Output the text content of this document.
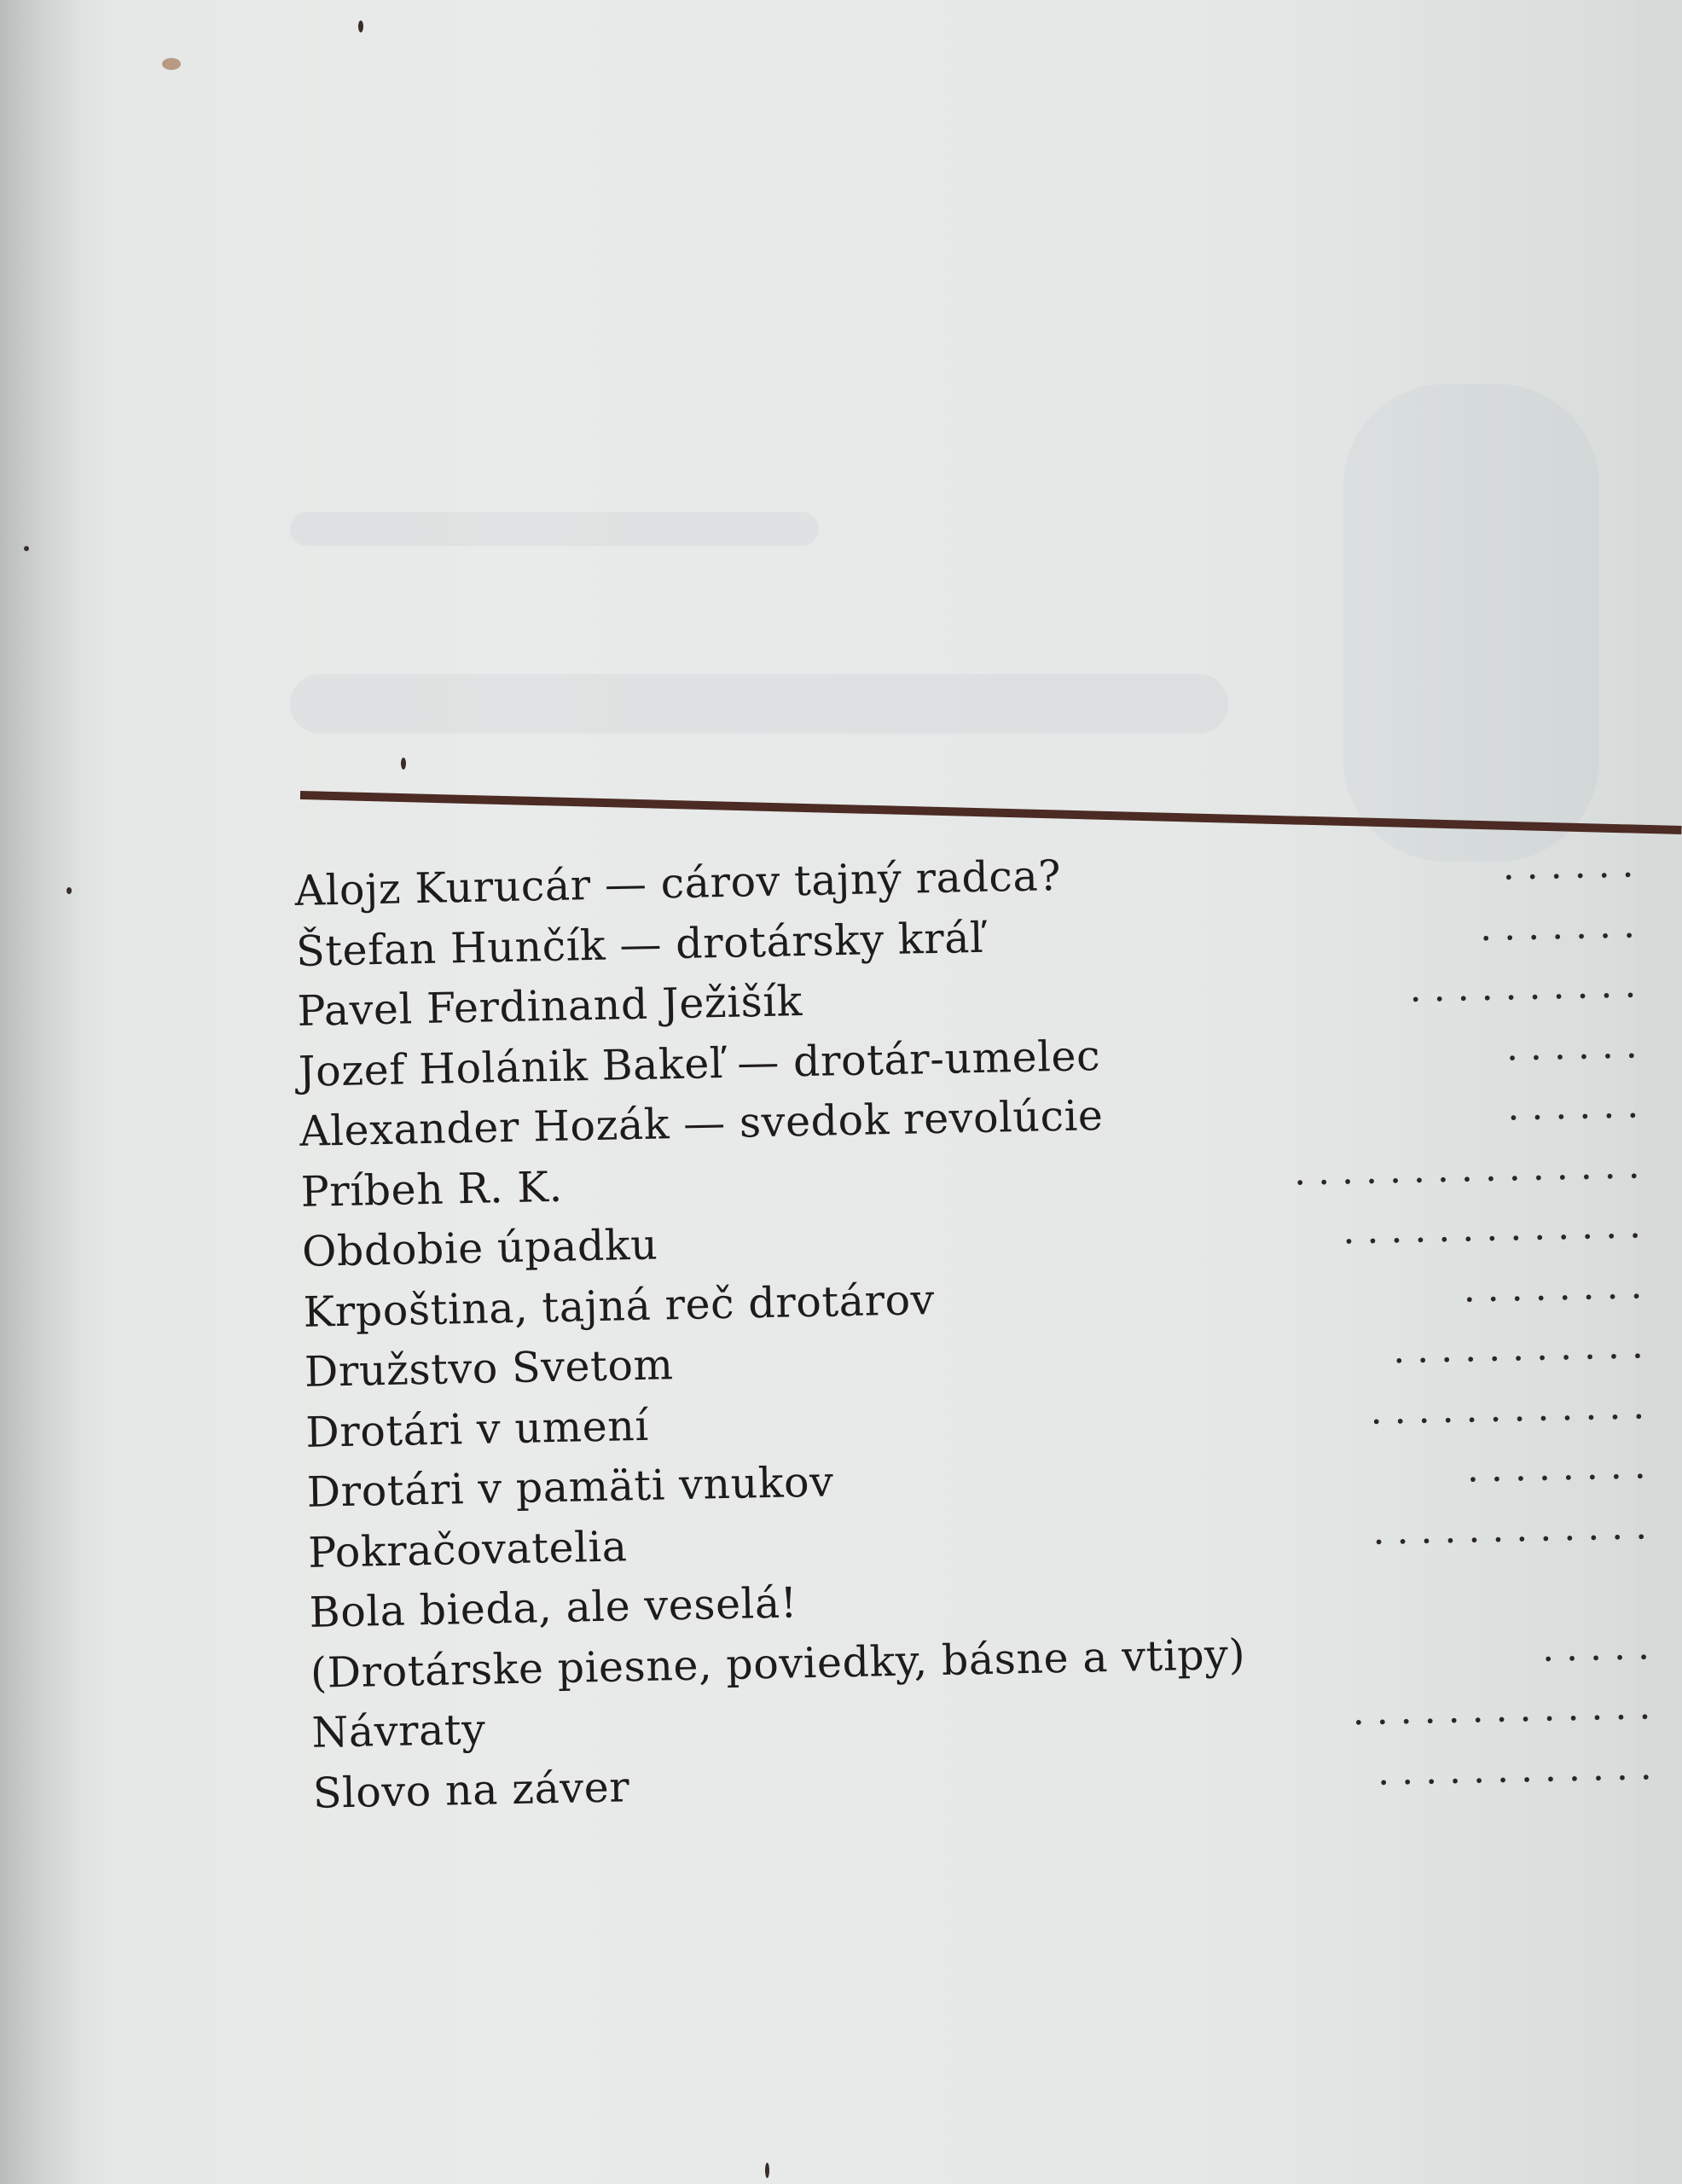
Alojz Kurucár — cárov tajný radca?	. . . . . .
Štefan Hunčík — drotársky kráľ	. . . . . . .
Pavel Ferdinand Ježišík	. . . . . . . . . .
Jozef Holánik Bakeľ — drotár-umelec	. . . . . .
Alexander Hozák — svedok revolúcie	. . . . . .
Príbeh R. K.	. . . . . . . . . . . . . . .
Obdobie úpadku	. . . . . . . . . . . . .
Krpoština, tajná reč drotárov	. . . . . . . .
Družstvo Svetom	. . . . . . . . . . .
Drotári v umení	. . . . . . . . . . . .
Drotári v pamäti vnukov	. . . . . . . .
Pokračovatelia	. . . . . . . . . . . .
Bola bieda, ale veselá!
(Drotárske piesne, poviedky, básne a vtipy)	. . . . .
Návraty	. . . . . . . . . . . . .
Slovo na záver	. . . . . . . . . . . .
